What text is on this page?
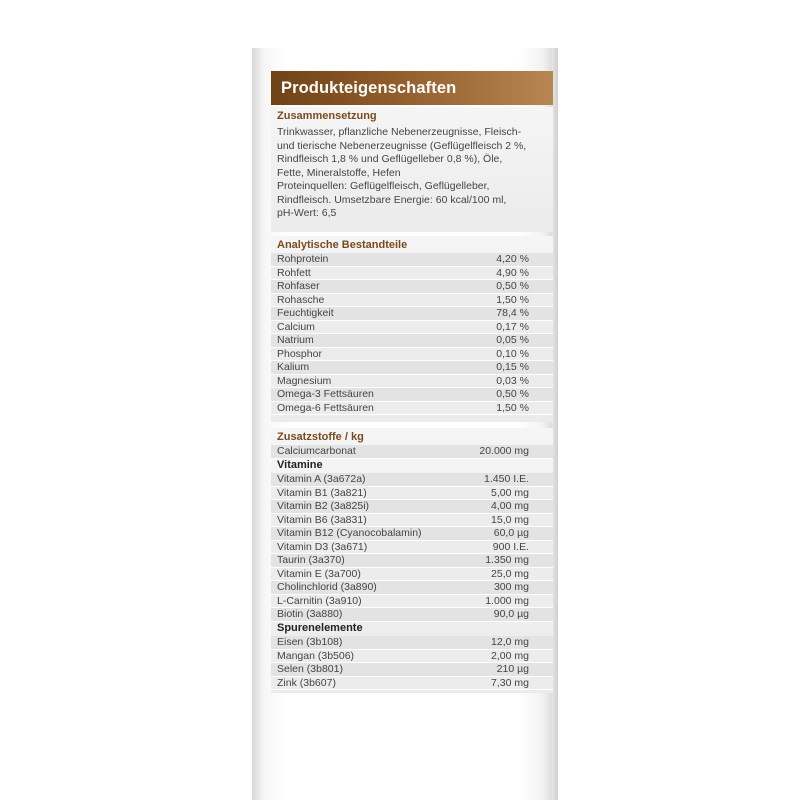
Produkteigenschaften
Zusammensetzung
Trinkwasser, pflanzliche Nebenerzeugnisse, Fleisch-
und tierische Nebenerzeugnisse (Geflügelfleisch 2 %,
Rindfleisch 1,8 % und Geflügelleber 0,8 %), Öle,
Fette, Mineralstoffe, Hefen
Proteinquellen: Geflügelfleisch, Geflügelleber,
Rindfleisch. Umsetzbare Energie: 60 kcal/100 ml,
pH-Wert: 6,5
Analytische Bestandteile
Rohprotein	4,20 %
Rohfett	4,90 %
Rohfaser	0,50 %
Rohasche	1,50 %
Feuchtigkeit	78,4 %
Calcium	0,17 %
Natrium	0,05 %
Phosphor	0,10 %
Kalium	0,15 %
Magnesium	0,03 %
Omega-3 Fettsäuren	0,50 %
Omega-6 Fettsäuren	1,50 %
Zusatzstoffe / kg
Calciumcarbonat	20.000 mg
Vitamine
Vitamin A (3a672a)	1.450 I.E.
Vitamin B1 (3a821)	5,00 mg
Vitamin B2 (3a825i)	4,00 mg
Vitamin B6 (3a831)	15,0 mg
Vitamin B12 (Cyanocobalamin)	60,0 µg
Vitamin D3 (3a671)	900 I.E.
Taurin (3a370)	1.350 mg
Vitamin E (3a700)	25,0 mg
Cholinchlorid (3a890)	300 mg
L-Carnitin (3a910)	1.000 mg
Biotin (3a880)	90,0 µg
Spurenelemente
Eisen (3b108)	12,0 mg
Mangan (3b506)	2,00 mg
Selen (3b801)	210 µg
Zink (3b607)	7,30 mg
